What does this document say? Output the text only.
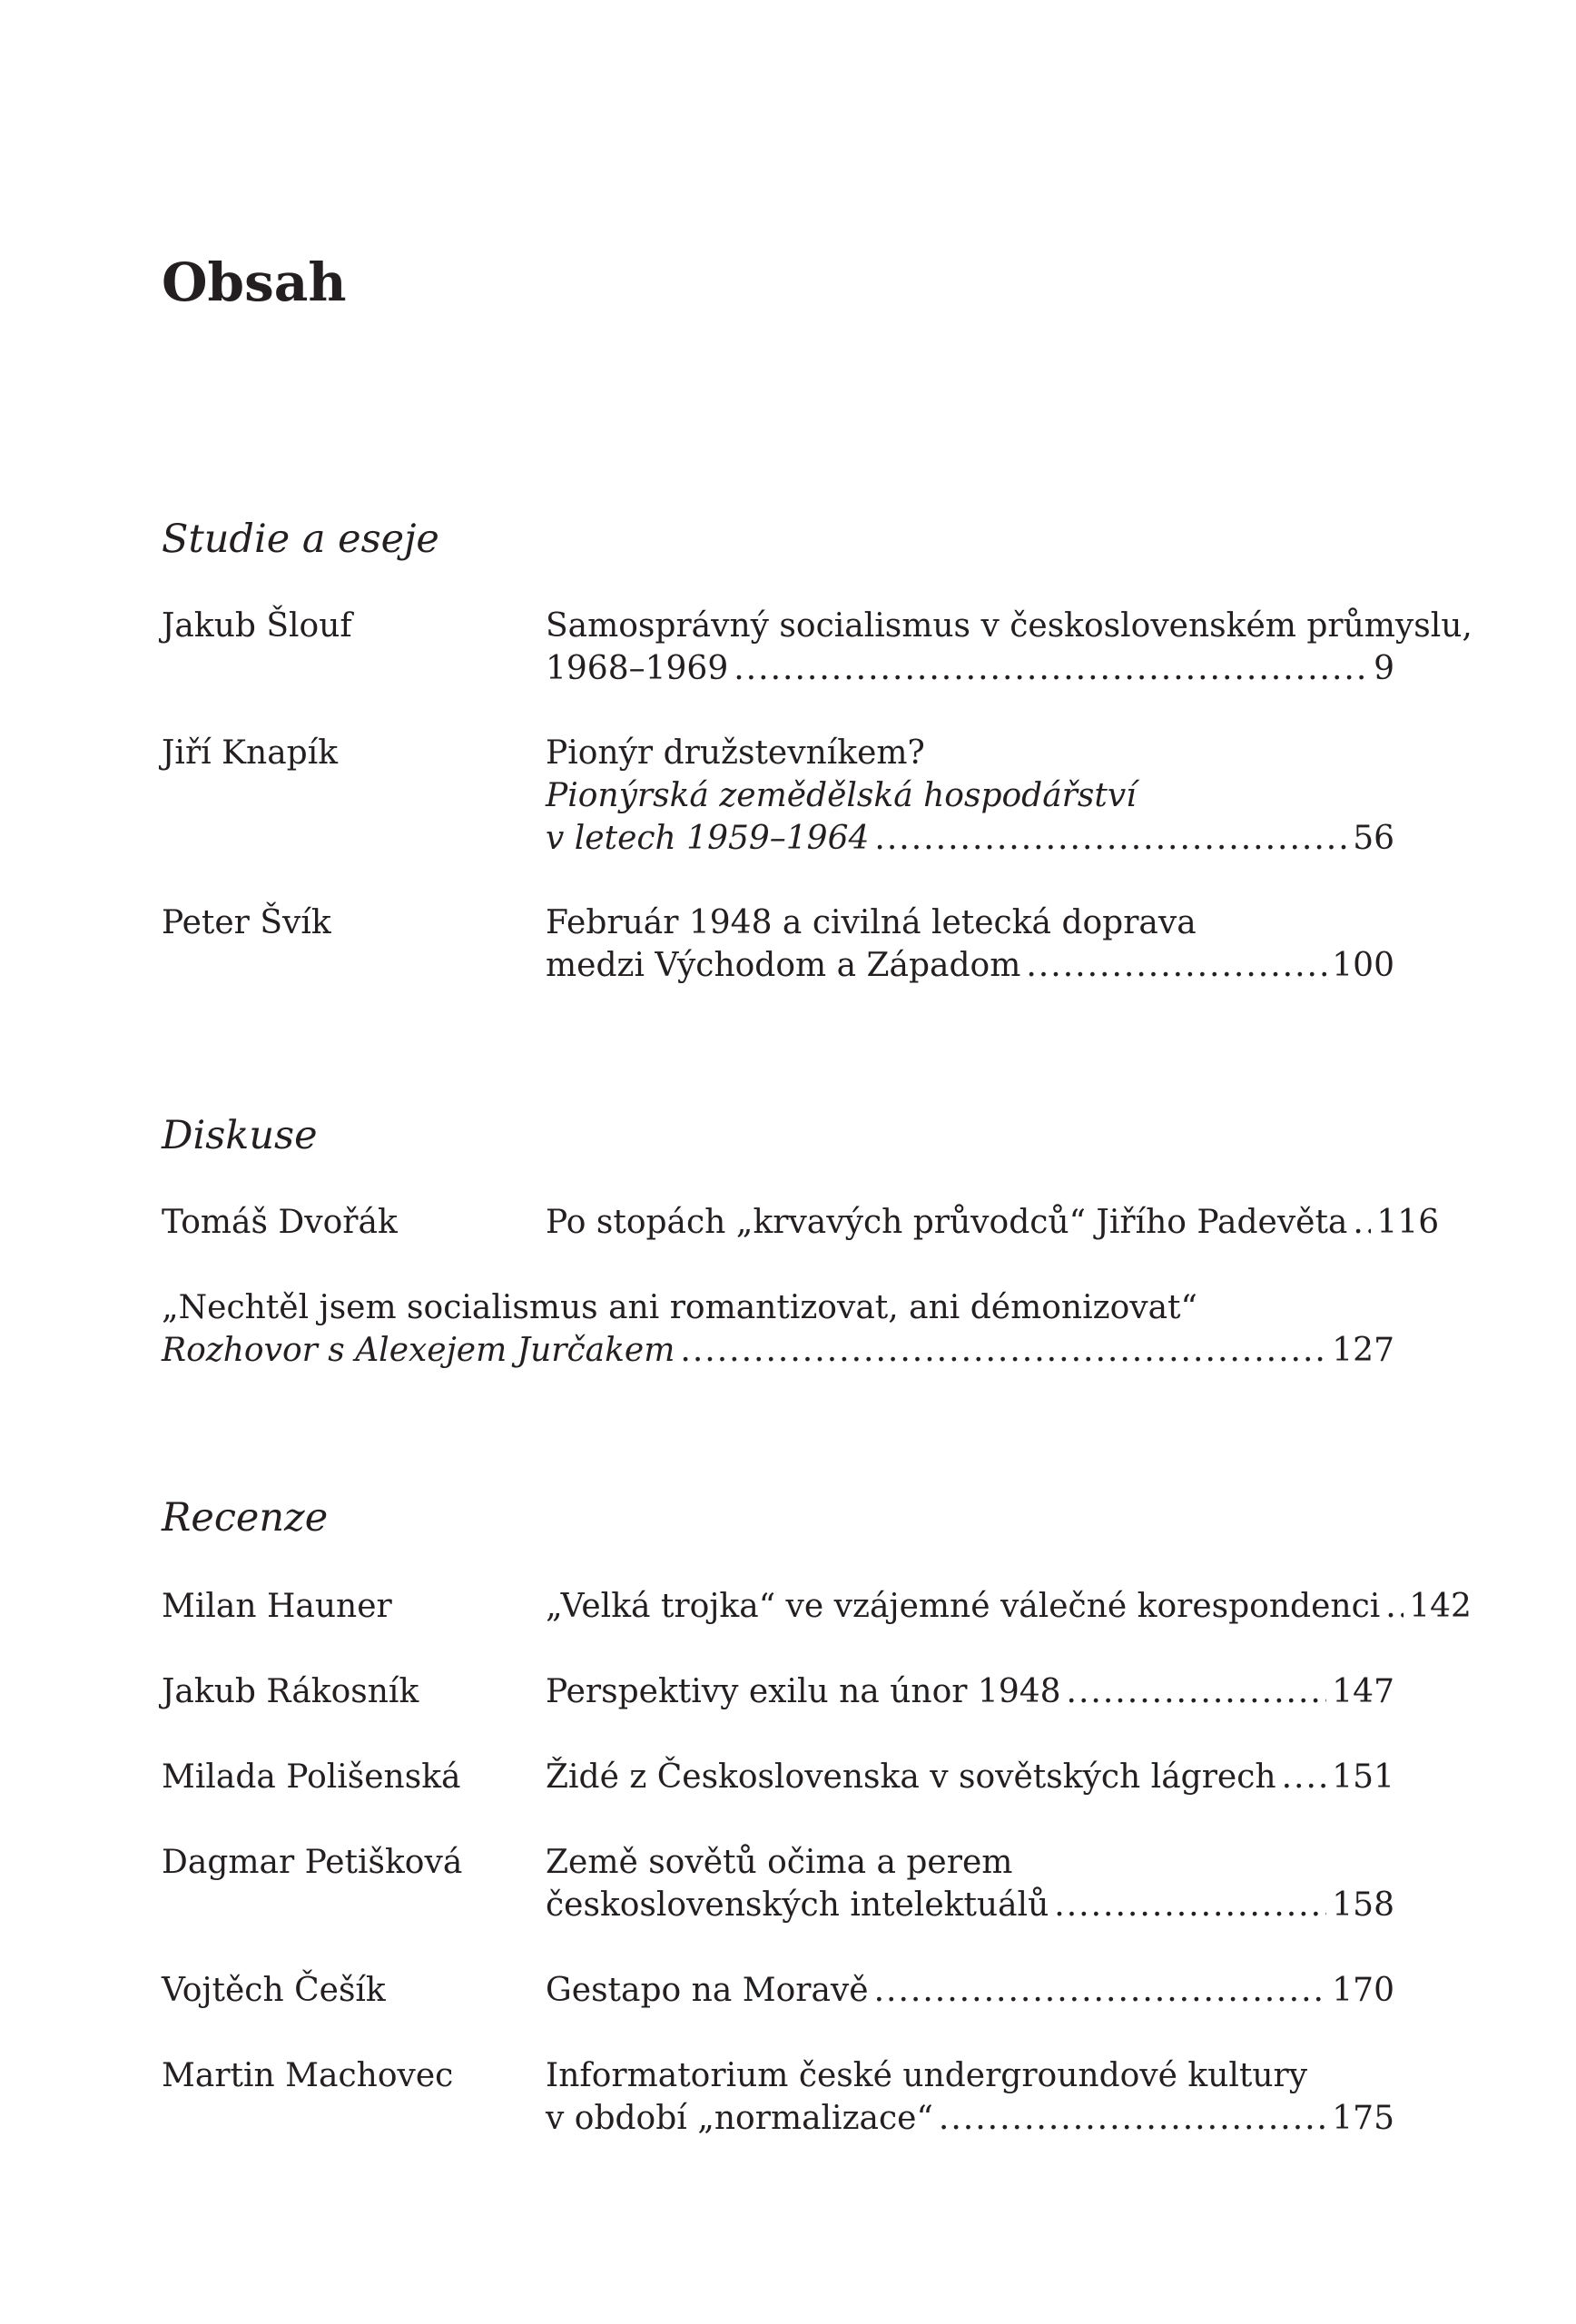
Obsah
Studie a eseje
Jakub Šlouf	Samosprávný socialismus v československém průmyslu,
1968–1969 .....	9
Jiří Knapík	Pionýr družstevníkem?
Pionýrská zemědělská hospodářství
v letech 1959–1964 .....	56
Peter Švík	Február 1948 a civilná letecká doprava
medzi Východom a Západom .....	100
Diskuse
Tomáš Dvořák	Po stopách „krvavých průvodců“ Jiřího Padevěta ..... 116
„Nechtěl jsem socialismus ani romantizovat, ani démonizovat“
Rozhovor s Alexejem Jurčakem .....	127
Recenze
Milan Hauner	„Velká trojka“ ve vzájemné válečné korespondenci ..... 142
Jakub Rákosník	Perspektivy exilu na únor 1948 .....	147
Milada Polišenská	Židé z Československa v sovětských lágrech ..... 151
Dagmar Petišková	Země sovětů očima a perem
československých intelektuálů .....	158
Vojtěch Češík	Gestapo na Moravě .....	170
Martin Machovec	Informatorium české undergroundové kultury
v období „normalizace“ .....	175
